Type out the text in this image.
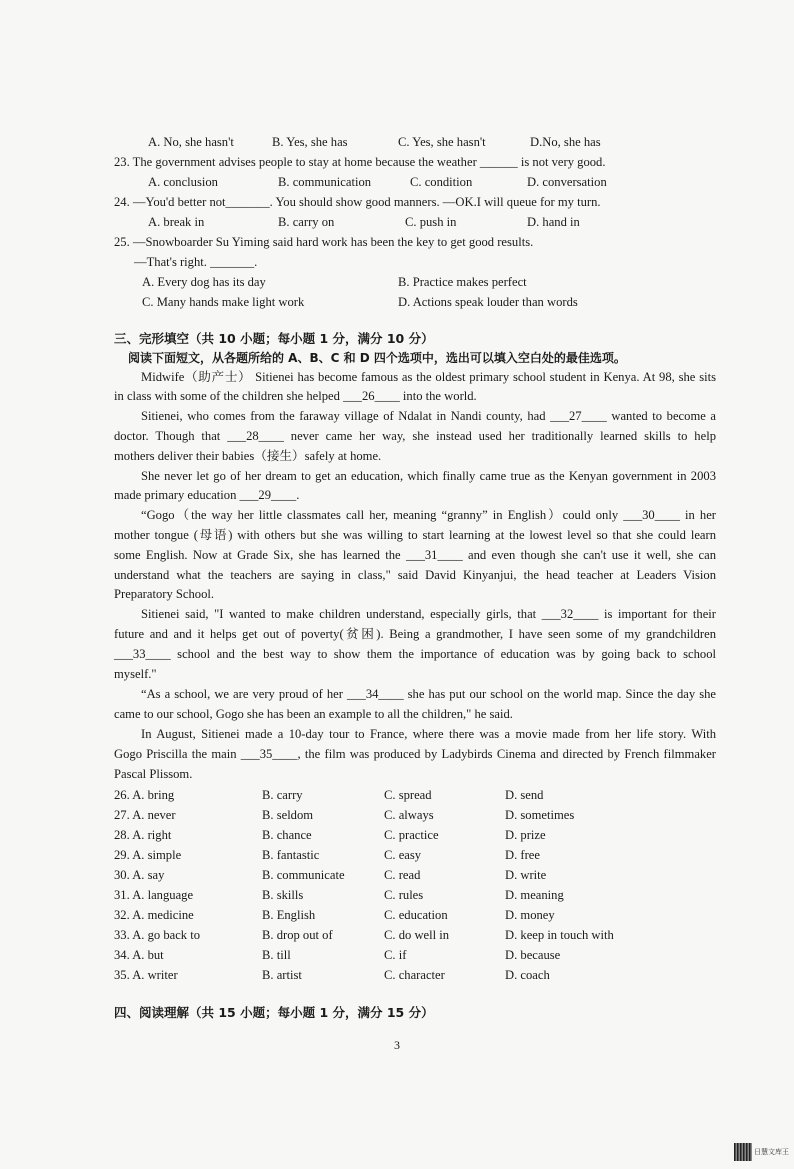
A. No, she hasn't	B. Yes, she has	C. Yes, she hasn't	D.No, she has
23. The government advises people to stay at home because the weather ______ is not very good.
A. conclusion	B. communication	C. condition	D. conversation
24. —You'd better not_______. You should show good manners. —OK.I will queue for my turn.
A. break in	B. carry on	C. push in	D. hand in
25. —Snowboarder Su Yiming said hard work has been the key to get good results.
—That's right. _______.
A. Every dog has its day	B. Practice makes perfect
C. Many hands make light work	D. Actions speak louder than words
三、完形填空（共 10 小题；每小题 1 分，满分 10 分）
阅读下面短文，从各题所给的 A、B、C 和 D 四个选项中，选出可以填入空白处的最佳选项。
Midwife（助产士） Sitienei has become famous as the oldest primary school student in Kenya. At 98, she sits
in class with some of the children she helped ___26____ into the world.
Sitienei, who comes from the faraway village of Ndalat in Nandi county, had ___27____ wanted to become a
doctor. Though that ___28____ never came her way, she instead used her traditionally learned skills to help
mothers deliver their babies（接生）safely at home.
She never let go of her dream to get an education, which finally came true as the Kenyan government in 2003
made primary education ___29____.
“Gogo（the way her little classmates call her, meaning “granny” in English）could only ___30____ in her
mother tongue (母语) with others but she was willing to start learning at the lowest level so that she could learn
some English. Now at Grade Six, she has learned the ___31____ and even though she can't use it well, she can
understand what the teachers are saying in class," said David Kinyanjui, the head teacher at Leaders Vision
Preparatory School.
Sitienei said, "I wanted to make children understand, especially girls, that ___32____ is important for their
future and and it helps get out of poverty(贫困). Being a grandmother, I have seen some of my grandchildren
___33____ school and the best way to show them the importance of education was by going back to school
myself."
“As a school, we are very proud of her ___34____ she has put our school on the world map. Since the day she
came to our school, Gogo she has been an example to all the children," he said.
In August, Sitienei made a 10-day tour to France, where there was a movie made from her life story. With
Gogo Priscilla the main ___35____, the film was produced by Ladybirds Cinema and directed by French filmmaker
Pascal Plissom.
26. A. bring	B. carry	C. spread	D. send
27. A. never	B. seldom	C. always	D. sometimes
28. A. right	B. chance	C. practice	D. prize
29. A. simple	B. fantastic	C. easy	D. free
30. A. say	B. communicate	C. read	D. write
31. A. language	B. skills	C. rules	D. meaning
32. A. medicine	B. English	C. education	D. money
33. A. go back to	B. drop out of	C. do well in	D. keep in touch with
34. A. but	B. till	C. if	D. because
35. A. writer	B. artist	C. character	D. coach
四、阅读理解（共 15 小题；每小题 1 分，满分 15 分）
3
日慧文库王
